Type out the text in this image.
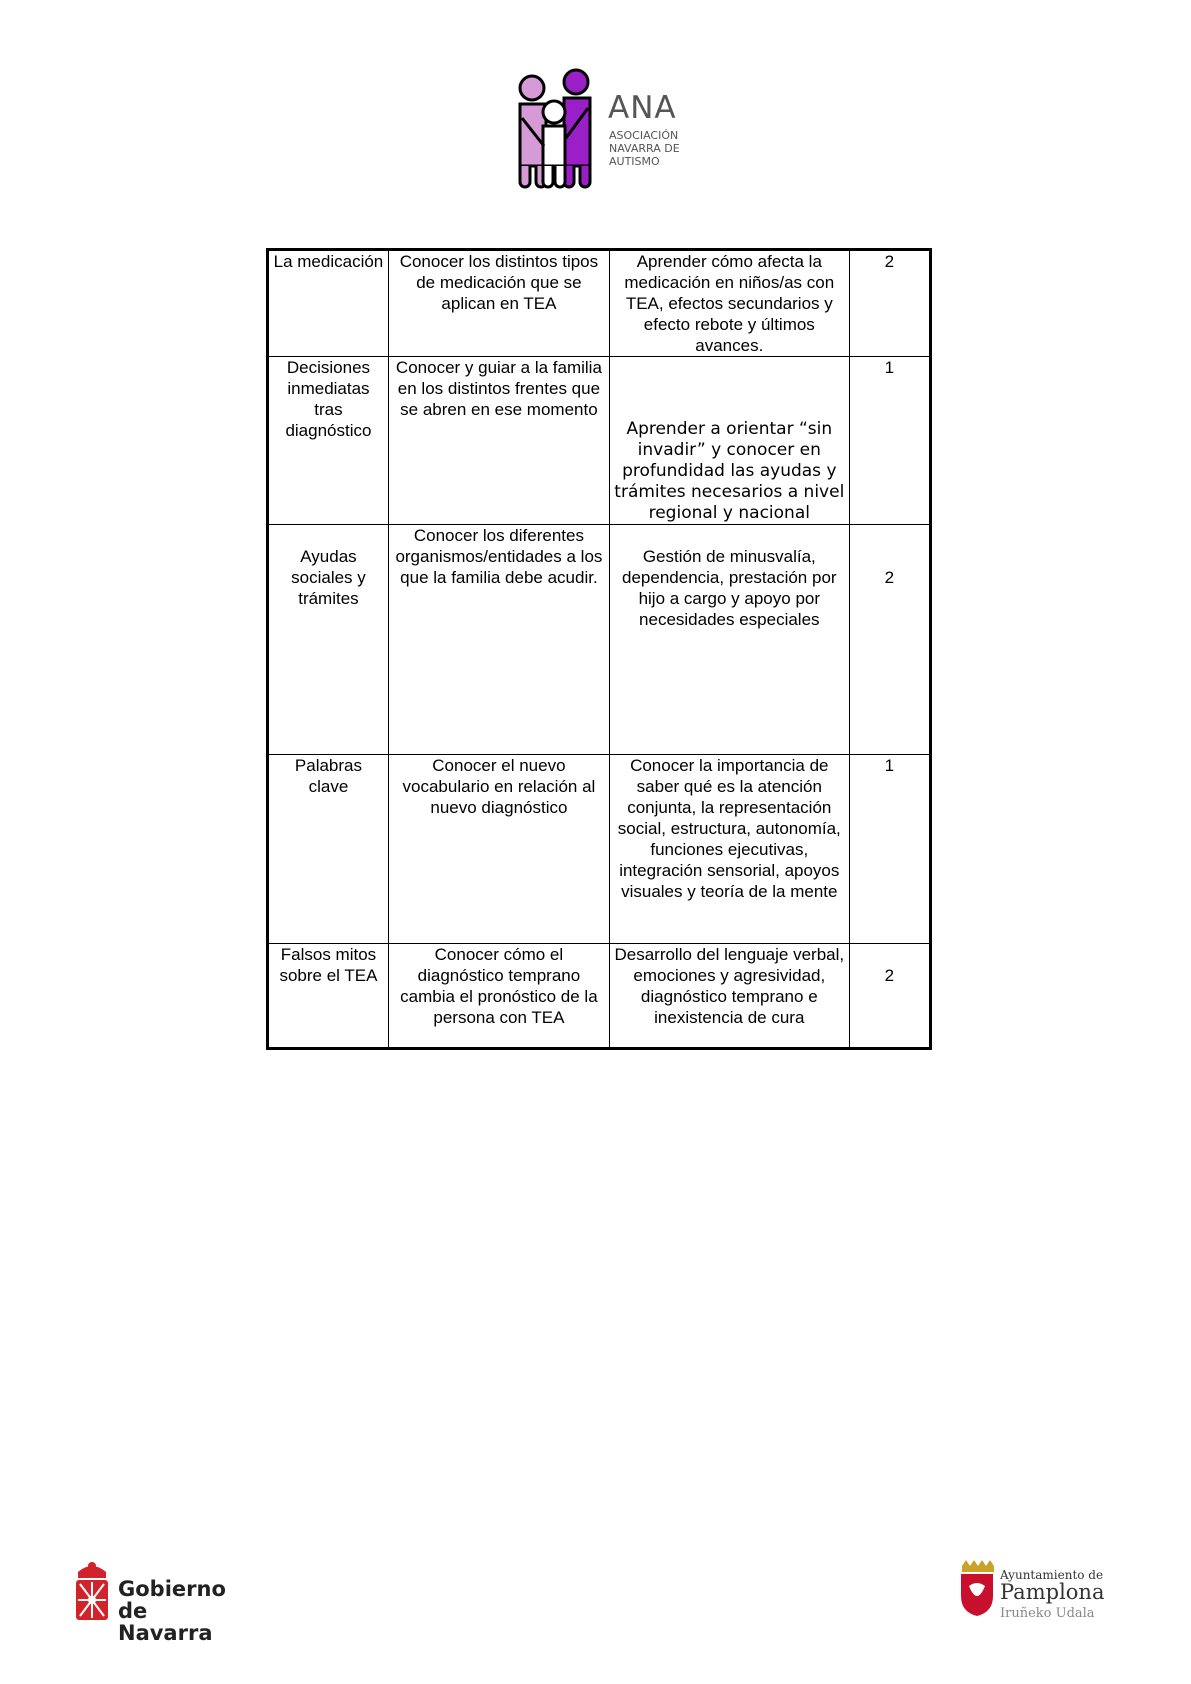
ANA
ASOCIACIÓN
NAVARRA DE
AUTISMO
La medicación	Conocer los distintos tipos de medicación que se aplican en TEA	Aprender cómo afecta la medicación en niños/as con TEA, efectos secundarios y efecto rebote y últimos avances.	2
Decisiones inmediatas tras diagnóstico	Conocer y guiar a la familia en los distintos frentes que se abren en ese momento	Aprender a orientar “sin invadir” y conocer en profundidad las ayudas y trámites necesarios a nivel regional y nacional	1
Ayudas sociales y trámites	Conocer los diferentes organismos/entidades a los que la familia debe acudir.	Gestión de minusvalía, dependencia, prestación por hijo a cargo y apoyo por necesidades especiales	2
Palabras clave	Conocer el nuevo vocabulario en relación al nuevo diagnóstico	Conocer la importancia de saber qué es la atención conjunta, la representación social, estructura, autonomía, funciones ejecutivas, integración sensorial, apoyos visuales y teoría de la mente	1
Falsos mitos sobre el TEA	Conocer cómo el diagnóstico temprano cambia el pronóstico de la persona con TEA	Desarrollo del lenguaje verbal, emociones y agresividad, diagnóstico temprano e inexistencia de cura	2
Gobierno
de Navarra
Ayuntamiento de
Pamplona
Iruñeko Udala
